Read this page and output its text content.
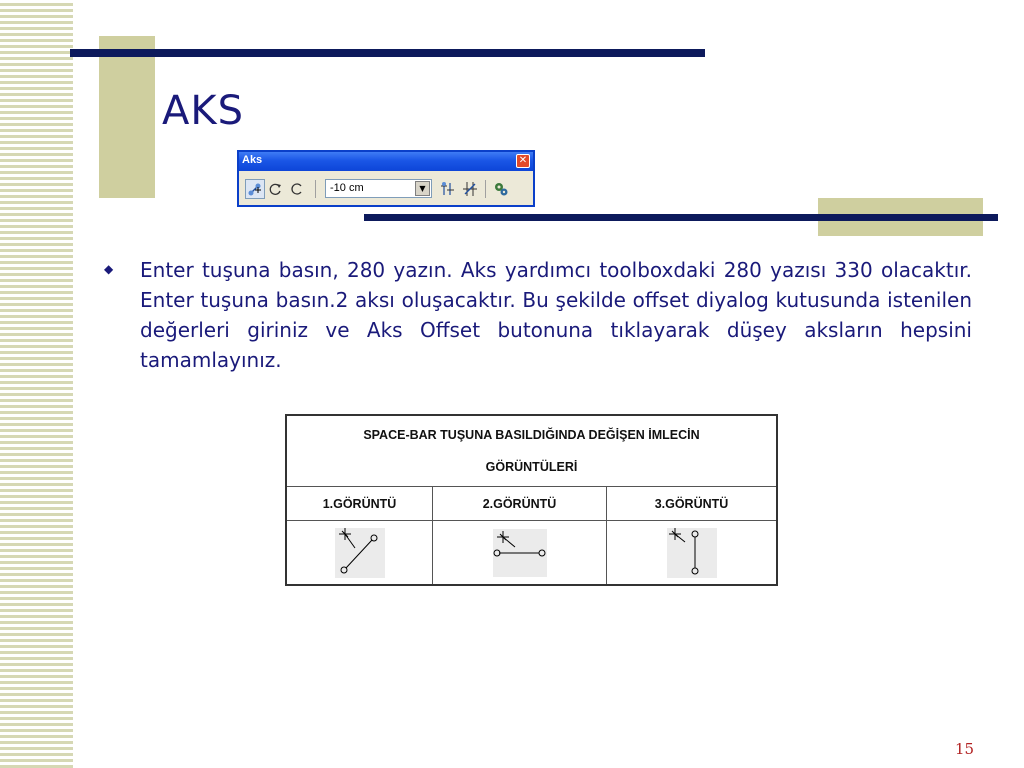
AKS
Aks	✕
-10 cm	▼
◆ Enter tuşuna basın, 280 yazın. Aks yardımcı toolboxdaki 280 yazısı 330 olacaktır. Enter tuşuna basın.2 aksı oluşacaktır. Bu şekilde offset diyalog kutusunda istenilen değerleri giriniz ve Aks Offset butonuna tıklayarak düşey aksların hepsini tamamlayınız.

SPACE-BAR TUŞUNA BASILDIĞINDA DEĞİŞEN İMLECİN
GÖRÜNTÜLERİ		
1.GÖRÜNTÜ	2.GÖRÜNTÜ	3.GÖRÜNTÜ

15
